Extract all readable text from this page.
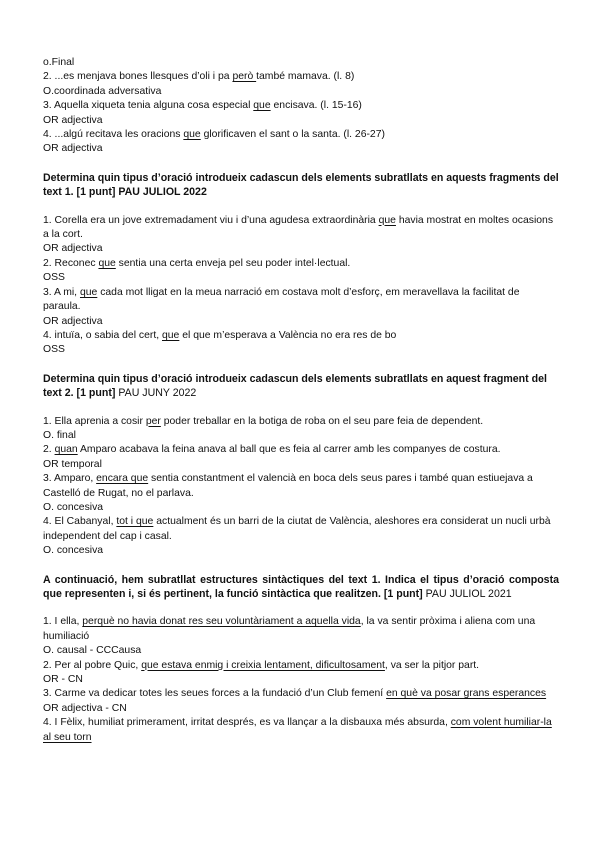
o.Final
2. ...es menjava bones llesques d’oli i pa però també mamava. (l. 8)
O.coordinada adversativa
3. Aquella xiqueta tenia alguna cosa especial que encisava. (l. 15-16)
OR adjectiva
4. ...algú recitava les oracions que glorificaven el sant o la santa. (l. 26-27)
OR adjectiva
Determina quin tipus d’oració introdueix cadascun dels elements subratllats en aquests fragments del text 1. [1 punt] PAU JULIOL 2022
1. Corella era un jove extremadament viu i d’una agudesa extraordinària que havia mostrat en moltes ocasions a la cort.
OR adjectiva
2. Reconec que sentia una certa enveja pel seu poder intel·lectual.
OSS
3. A mi, que cada mot lligat en la meua narració em costava molt d’esforç, em meravellava la facilitat de paraula.
OR adjectiva
4. intuïa, o sabia del cert, que el que m’esperava a València no era res de bo
OSS
Determina quin tipus d’oració introdueix cadascun dels elements subratllats en aquest fragment del text 2. [1 punt] PAU JUNY 2022
1. Ella aprenia a cosir per poder treballar en la botiga de roba on el seu pare feia de dependent.
O. final
2. quan Amparo acabava la feina anava al ball que es feia al carrer amb les companyes de costura.
OR temporal
3. Amparo, encara que sentia constantment el valencià en boca dels seus pares i també quan estiuejava a Castelló de Rugat, no el parlava.
O. concesiva
4. El Cabanyal, tot i que actualment és un barri de la ciutat de València, aleshores era considerat un nucli urbà independent del cap i casal.
O. concesiva
A continuació, hem subratllat estructures sintàctiques del text 1. Indica el tipus d’oració composta que representen i, si és pertinent, la funció sintàctica que realitzen. [1 punt] PAU JULIOL 2021
1. I ella, perquè no havia donat res seu voluntàriament a aquella vida, la va sentir pròxima i aliena com una humiliació
O. causal - CCCausa
2. Per al pobre Quic, que estava enmig i creixia lentament, dificultosament, va ser la pitjor part.
OR - CN
3. Carme va dedicar totes les seues forces a la fundació d’un Club femení en què va posar grans esperances
OR adjectiva - CN
4. I Fèlix, humiliat primerament, irritat després, es va llançar a la disbauxa més absurda, com volent humiliar-la al seu torn
